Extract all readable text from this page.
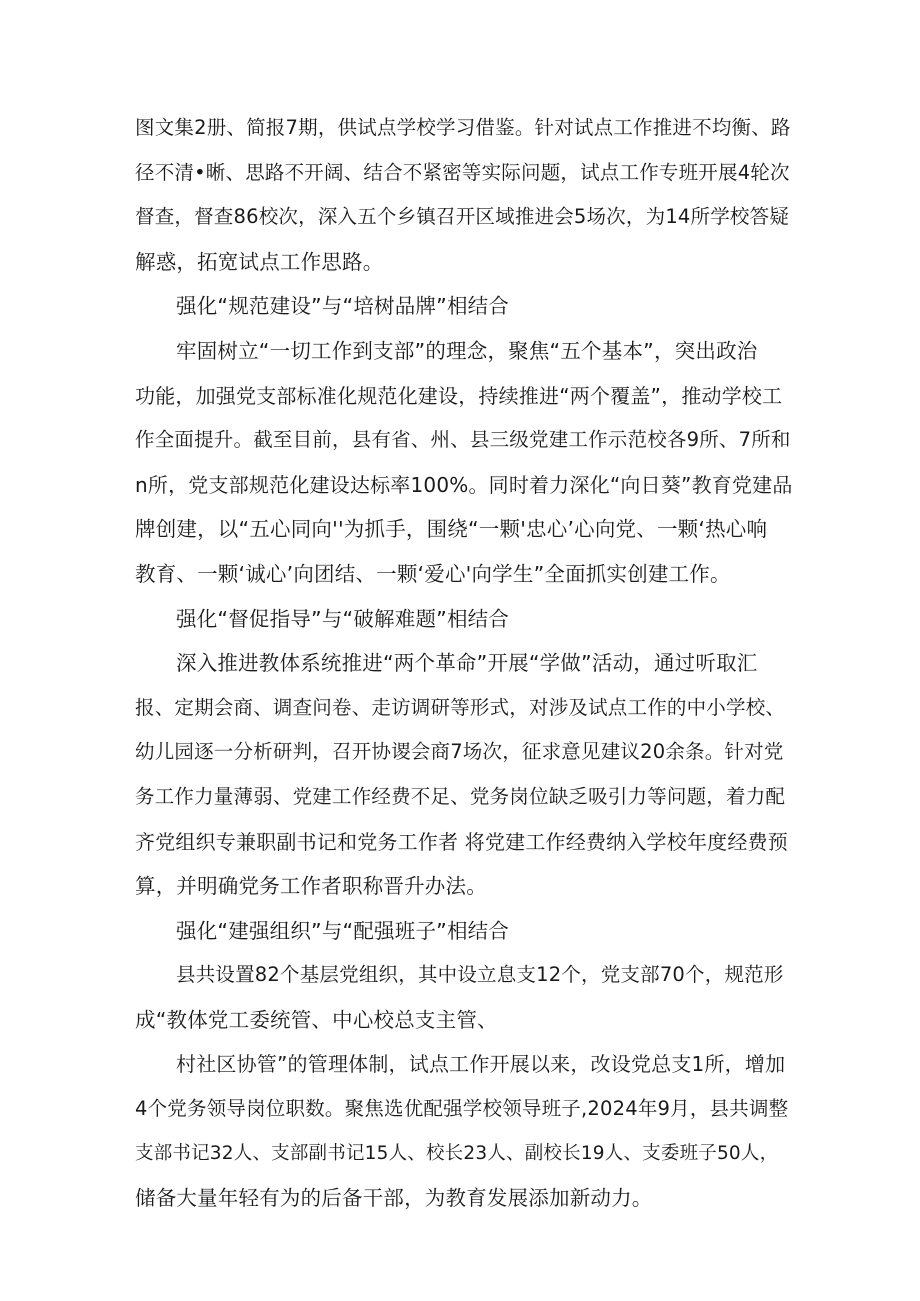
图文集2册、简报7期，供试点学校学习借鉴。针对试点工作推进不均衡、路
径不清•晰、思路不开阔、结合不紧密等实际问题，试点工作专班开展4轮次
督查，督查86校次，深入五个乡镇召开区域推进会5场次，为14所学校答疑
解惑，拓宽试点工作思路。
强化“规范建设”与“培树品牌”相结合
牢固树立“一切工作到支部”的理念，聚焦“五个基本”，突出政治
功能，加强党支部标准化规范化建设，持续推进“两个覆盖”，推动学校工
作全面提升。截至目前，县有省、州、县三级党建工作示范校各9所、7所和
n所，党支部规范化建设达标率100%。同时着力深化“向日葵”教育党建品
牌创建，以“五心同向''为抓手，围绕“一颗'忠心’心向党、一颗‘热心响
教育、一颗‘诚心’向团结、一颗‘爱心'向学生”全面抓实创建工作。
强化“督促指导”与“破解难题”相结合
深入推进教体系统推进“两个革命”开展“学做”活动，通过听取汇
报、定期会商、调查问卷、走访调研等形式，对涉及试点工作的中小学校、
幼儿园逐一分析研判，召开协谡会商7场次，征求意见建议20余条。针对党
务工作力量薄弱、党建工作经费不足、党务岗位缺乏吸引力等问题，着力配
齐党组织专兼职副书记和党务工作者 将党建工作经费纳入学校年度经费预
算，并明确党务工作者职称晋升办法。
强化“建强组织”与“配强班子”相结合
县共设置82个基层党组织，其中设立息支12个，党支部70个，规范形
成“教体党工委统管、中心校总支主管、
村社区协管”的管理体制，试点工作开展以来，改设党总支1所，增加
4个党务领导岗位职数。聚焦选优配强学校领导班子,2024年9月，县共调整
支部书记32人、支部副书记15人、校长23人、副校长19人、支委班子50人，
储备大量年轻有为的后备干部，为教育发展添加新动力。
